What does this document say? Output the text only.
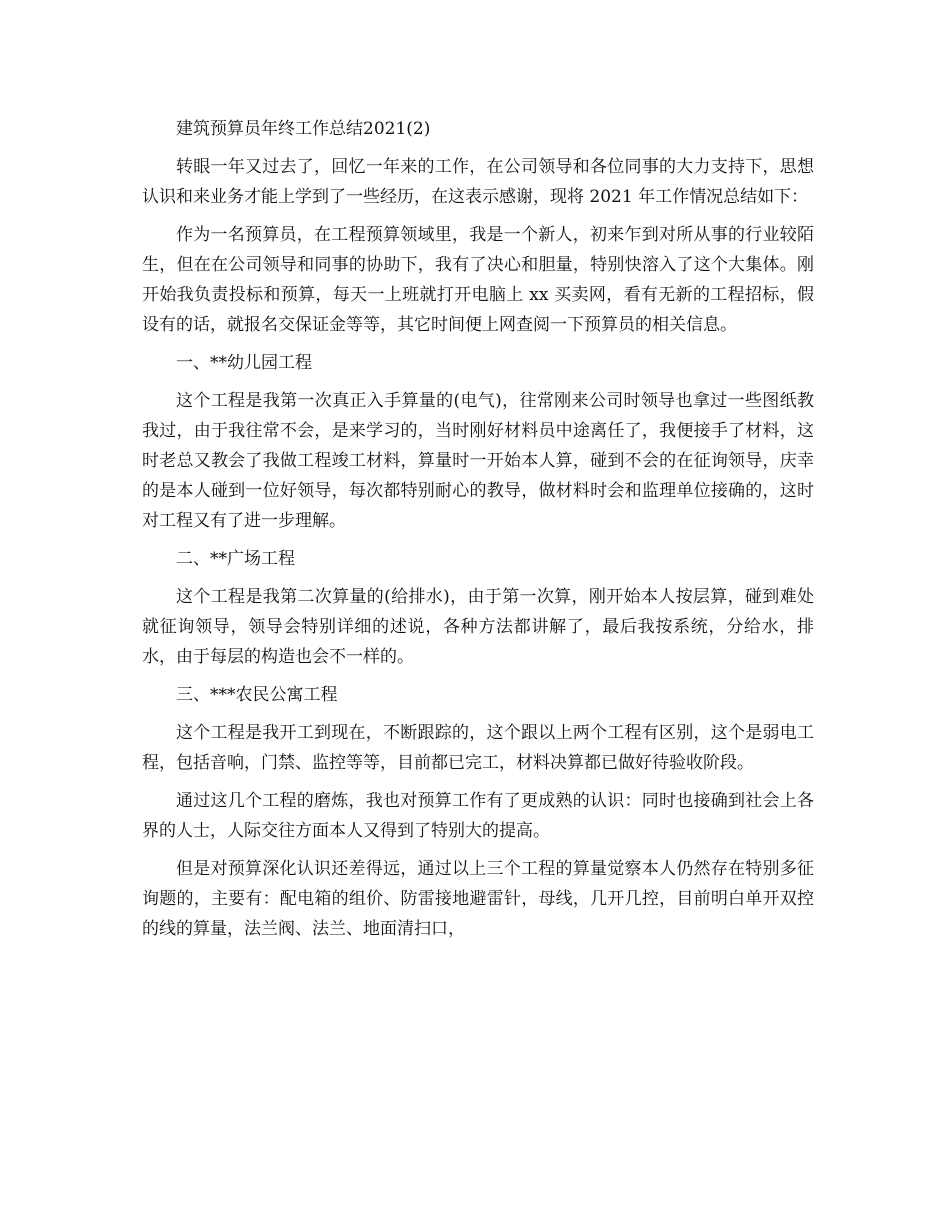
建筑预算员年终工作总结2021(2)

转眼一年又过去了，回忆一年来的工作，在公司领导和各位同事的大力支持下，思想认识和来业务才能上学到了一些经历，在这表示感谢，现将 2021 年工作情况总结如下：

作为一名预算员，在工程预算领域里，我是一个新人，初来乍到对所从事的行业较陌生，但在在公司领导和同事的协助下，我有了决心和胆量，特别快溶入了这个大集体。刚开始我负责投标和预算，每天一上班就打开电脑上 xx 买卖网，看有无新的工程招标，假设有的话，就报名交保证金等等，其它时间便上网查阅一下预算员的相关信息。

一、**幼儿园工程

这个工程是我第一次真正入手算量的(电气)，往常刚来公司时领导也拿过一些图纸教我过，由于我往常不会，是来学习的，当时刚好材料员中途离任了，我便接手了材料，这时老总又教会了我做工程竣工材料，算量时一开始本人算，碰到不会的在征询领导，庆幸的是本人碰到一位好领导，每次都特别耐心的教导，做材料时会和监理单位接确的，这时对工程又有了进一步理解。

二、**广场工程

这个工程是我第二次算量的(给排水)，由于第一次算，刚开始本人按层算，碰到难处就征询领导，领导会特别详细的述说，各种方法都讲解了，最后我按系统，分给水，排水，由于每层的构造也会不一样的。

三、***农民公寓工程

这个工程是我开工到现在，不断跟踪的，这个跟以上两个工程有区别，这个是弱电工程，包括音响，门禁、监控等等，目前都已完工，材料决算都已做好待验收阶段。

通过这几个工程的磨炼，我也对预算工作有了更成熟的认识：同时也接确到社会上各界的人士，人际交往方面本人又得到了特别大的提高。

但是对预算深化认识还差得远，通过以上三个工程的算量觉察本人仍然存在特别多征询题的，主要有：配电箱的组价、防雷接地避雷针，母线，几开几控，目前明白单开双控的线的算量，法兰阀、法兰、地面清扫口，
